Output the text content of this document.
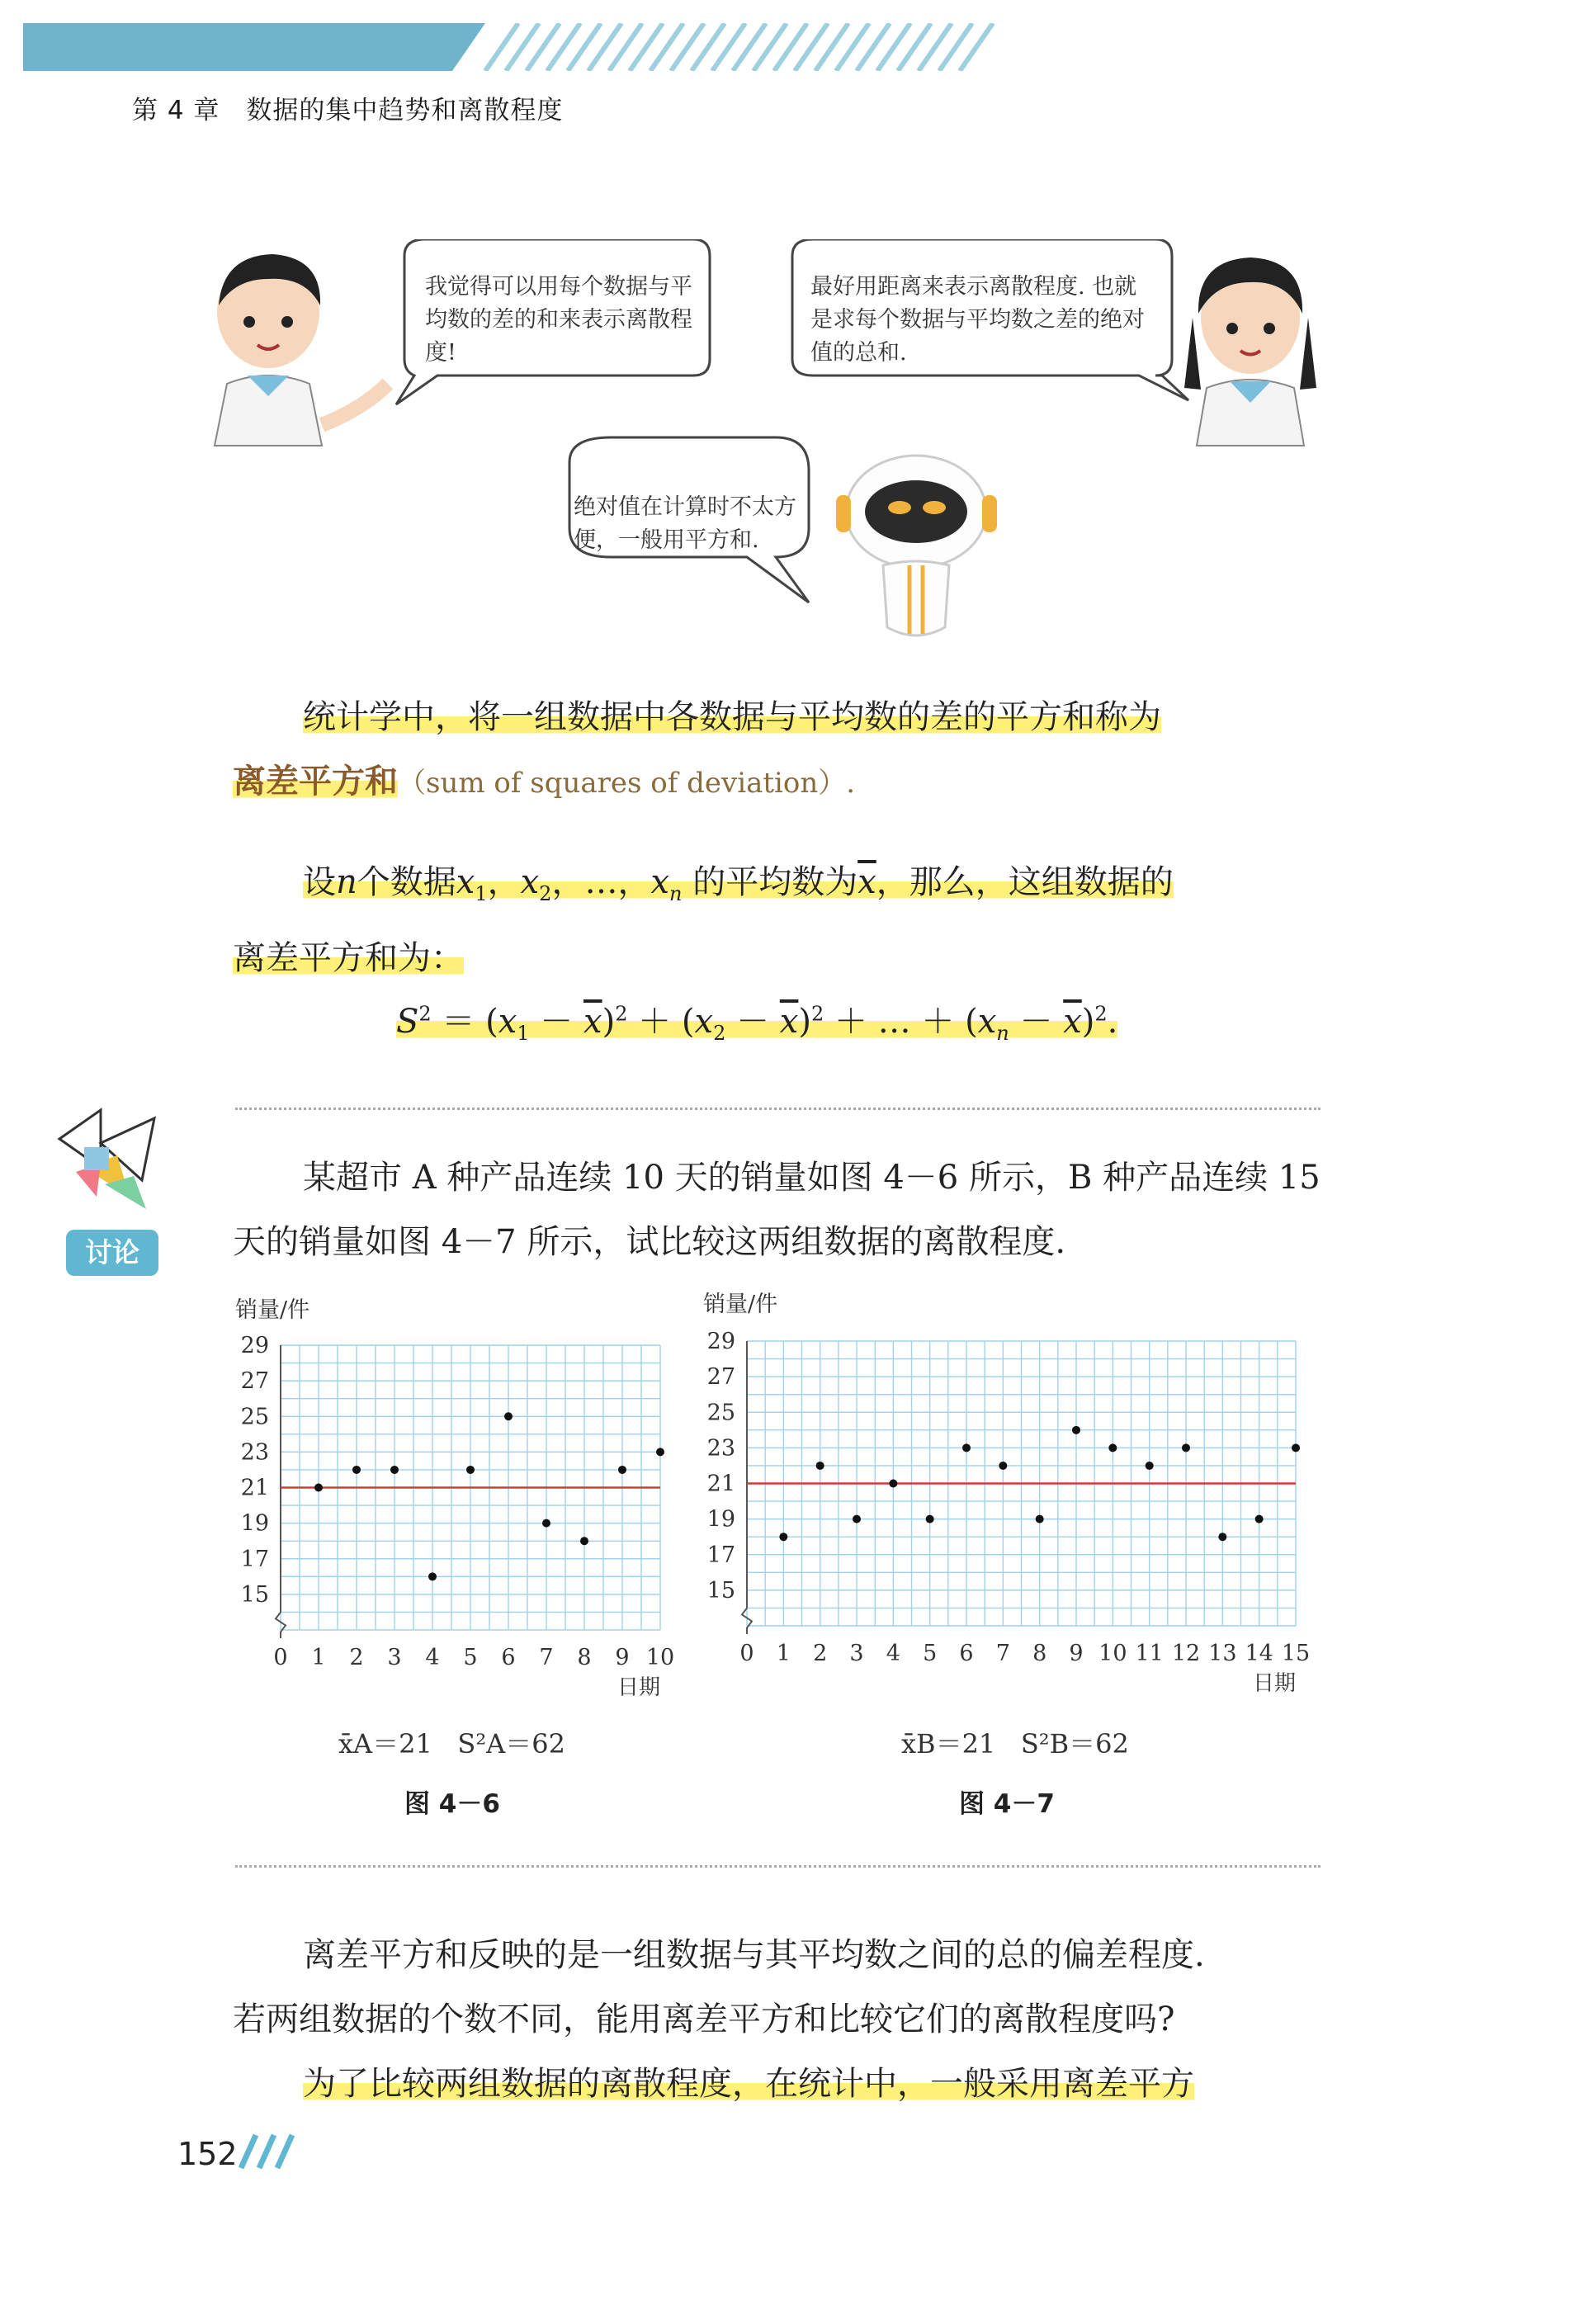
第 4 章　数据的集中趋势和离散程度
我觉得可以用每个数据与平均数的差的和来表示离散程度!
最好用距离来表示离散程度. 也就是求每个数据与平均数之差的绝对值的总和.
绝对值在计算时不太方便，一般用平方和.
统计学中，将一组数据中各数据与平均数的差的平方和称为
离差平方和（sum of squares of deviation）.
设n个数据$x_1$，$x_2$，…，$x_n$ 的平均数为$\overline{x}$，那么，这组数据的
离差平方和为：
$S^2 = (x_1 - \overline{x})^2 + (x_2 - \overline{x})^2$ ＋ … ＋ $(x_n - \overline{x})^2$.
讨论
某超市 A 种产品连续 10 天的销量如图 4－6 所示，B 种产品连续 15 天的销量如图 4－7 所示，试比较这两组数据的离散程度.
销量/件	销量/件
15
17
19
21
23
25
27
29
0 1 2 3 4 5 6 7 8 9 10
日期
15
17
19
21
23
25
27
29
0 1 2 3 4 5 6 7 8 9 10 11 12 13 14 15
日期
x̄A＝21 S²A＝62	x̄B＝21 S²B＝62
图 4－6	图 4－7
离差平方和反映的是一组数据与其平均数之间的总的偏差程度.
若两组数据的个数不同，能用离差平方和比较它们的离散程度吗?
为了比较两组数据的离散程度，在统计中，一般采用离差平方
152
